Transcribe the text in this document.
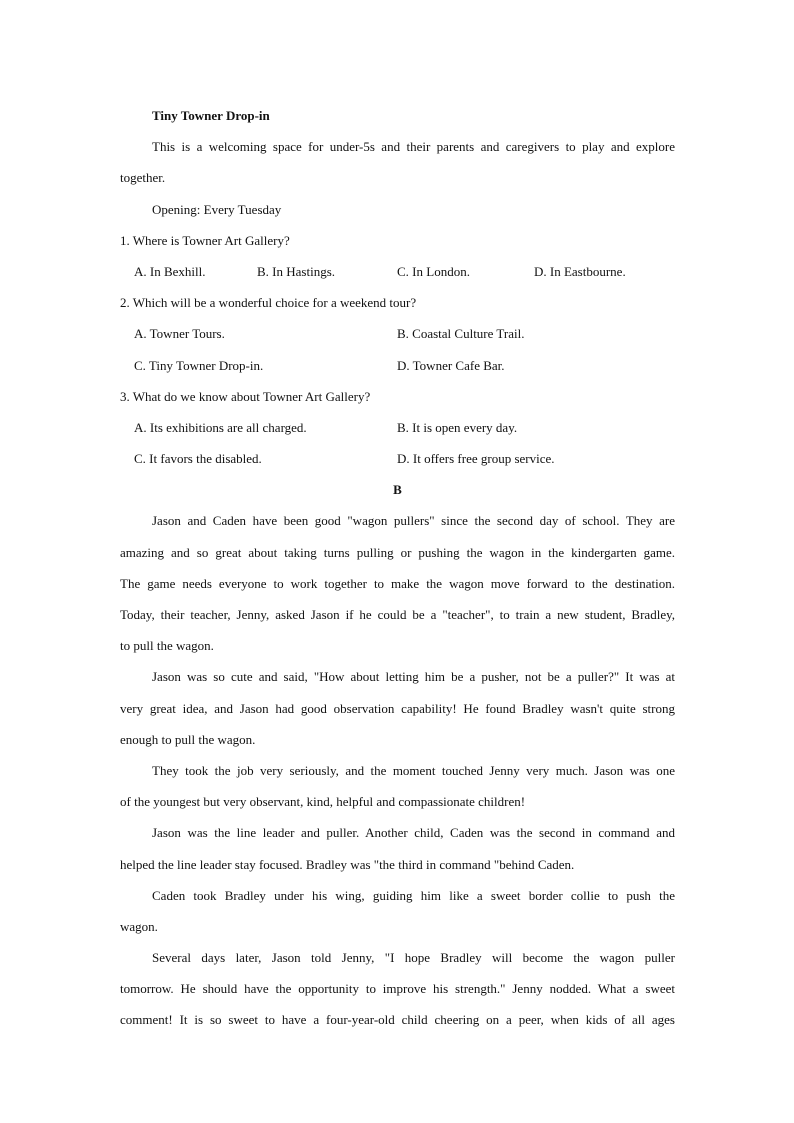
Tiny Towner Drop-in
This is a welcoming space for under-5s and their parents and caregivers to play and explore
together.
Opening: Every Tuesday
1. Where is Towner Art Gallery?
A. In Bexhill.	B. In Hastings.	C. In London.	D. In Eastbourne.
2. Which will be a wonderful choice for a weekend tour?
A. Towner Tours.	B. Coastal Culture Trail.
C. Tiny Towner Drop-in.	D. Towner Cafe Bar.
3. What do we know about Towner Art Gallery?
A. Its exhibitions are all charged.	B. It is open every day.
C. It favors the disabled.	D. It offers free group service.
B
Jason and Caden have been good "wagon pullers" since the second day of school. They are
amazing and so great about taking turns pulling or pushing the wagon in the kindergarten game.
The game needs everyone to work together to make the wagon move forward to the destination.
Today, their teacher, Jenny, asked Jason if he could be a "teacher", to train a new student, Bradley,
to pull the wagon.
Jason was so cute and said, "How about letting him be a pusher, not be a puller?" It was at
very great idea, and Jason had good observation capability! He found Bradley wasn't quite strong
enough to pull the wagon.
They took the job very seriously, and the moment touched Jenny very much. Jason was one
of the youngest but very observant, kind, helpful and compassionate children!
Jason was the line leader and puller. Another child, Caden was the second in command and
helped the line leader stay focused. Bradley was "the third in command "behind Caden.
Caden took Bradley under his wing, guiding him like a sweet border collie to push the
wagon.
Several days later, Jason told Jenny, "I hope Bradley will become the wagon puller
tomorrow. He should have the opportunity to improve his strength." Jenny nodded. What a sweet
comment! It is so sweet to have a four-year-old child cheering on a peer, when kids of all ages
